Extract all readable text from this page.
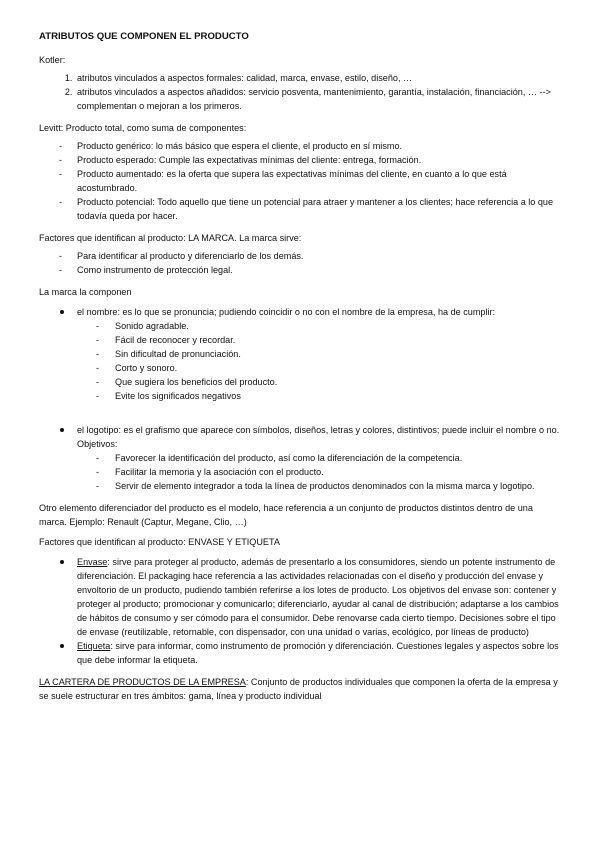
ATRIBUTOS QUE COMPONEN EL PRODUCTO

Kotler:

1. atributos vinculados a aspectos formales: calidad, marca, envase, estilo, diseño, …
2. atributos vinculados a aspectos añadidos: servicio posventa, mantenimiento, garantía, instalación, financiación, … --> complementan o mejoran a los primeros.

Levitt: Producto total, como suma de componentes:

- Producto genérico: lo más básico que espera el cliente, el producto en sí mismo.
- Producto esperado: Cumple las expectativas mínimas del cliente: entrega, formación.
- Producto aumentado: es la oferta que supera las expectativas mínimas del cliente, en cuanto a lo que está acostumbrado.
- Producto potencial: Todo aquello que tiene un potencial para atraer y mantener a los clientes; hace referencia a lo que todavía queda por hacer.

Factores que identifican al producto: LA MARCA. La marca sirve:

- Para identificar al producto y diferenciarlo de los demás.
- Como instrumento de protección legal.

La marca la componen

el nombre: es lo que se pronuncia; pudiendo coincidir o no con el nombre de la empresa, ha de cumplir:
- Sonido agradable.
- Fácil de reconocer y recordar.
- Sin dificultad de pronunciación.
- Corto y sonoro.
- Que sugiera los beneficios del producto.
- Evite los significados negativos
el logotipo: es el grafismo que aparece con símbolos, diseños, letras y colores, distintivos; puede incluir el nombre o no. Objetivos:
- Favorecer la identificación del producto, así como la diferenciación de la competencia.
- Facilitar la memoria y la asociación con el producto.
- Servir de elemento integrador a toda la línea de productos denominados con la misma marca y logotipo.

Otro elemento diferenciador del producto es el modelo, hace referencia a un conjunto de productos distintos dentro de una marca. Ejemplo: Renault (Captur, Megane, Clio, …)

Factores que identifican al producto: ENVASE Y ETIQUETA

Envase: sirve para proteger al producto, además de presentarlo a los consumidores, siendo un potente instrumento de diferenciación. El packaging hace referencia a las actividades relacionadas con el diseño y producción del envase y envoltorio de un producto, pudiendo también referirse a los lotes de producto. Los objetivos del envase son: contener y proteger al producto; promocionar y comunicarlo; diferenciarlo, ayudar al canal de distribución; adaptarse a los cambios de hábitos de consumo y ser cómodo para el consumidor. Debe renovarse cada cierto tiempo. Decisiones sobre el tipo de envase (reutilizable, retornable, con dispensador, con una unidad o varias, ecológico, por líneas de producto)
Etiqueta: sirve para informar, como instrumento de promoción y diferenciación. Cuestiones legales y aspectos sobre los que debe informar la etiqueta.

LA CARTERA DE PRODUCTOS DE LA EMPRESA: Conjunto de productos individuales que componen la oferta de la empresa y se suele estructurar en tres ámbitos: gama, línea y producto individual
